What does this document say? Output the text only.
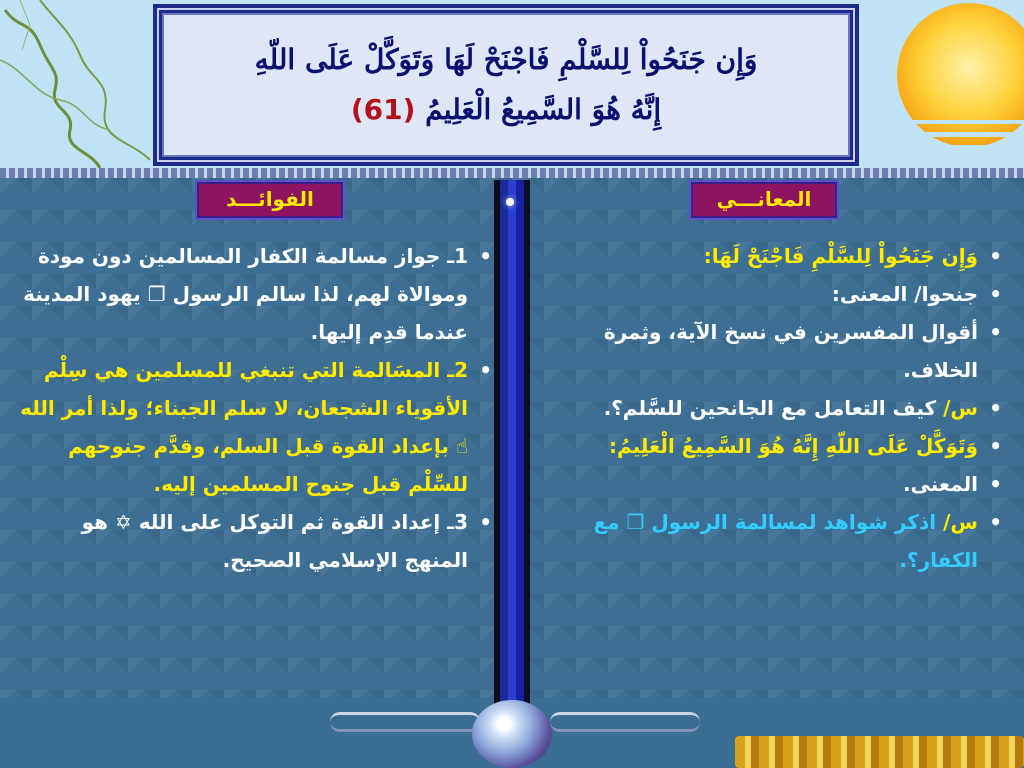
وَإِن جَنَحُواْ لِلسَّلْمِ فَاجْنَحْ لَهَا وَتَوَكَّلْ عَلَى اللّهِ
إِنَّهُ هُوَ السَّمِيعُ الْعَلِيمُ (61)
المعانـــي
الفوائـــد
• وَإِن جَنَحُواْ لِلسَّلْمِ فَاجْنَحْ لَهَا:
• جنحوا/ المعنى:
• أقوال المفسرين في نسخ الآية، وثمرة الخلاف.
• س/ كيف التعامل مع الجانحين للسَّلم؟.
• وَتَوَكَّلْ عَلَى اللّهِ إِنَّهُ هُوَ السَّمِيعُ الْعَلِيمُ:
• المعنى.
• س/ اذكر شواهد لمسالمة الرسول ❐ مع الكفار؟.
• 1ـ جواز مسالمة الكفار المسالمين دون مودة وموالاة لهم، لذا سالم الرسول ❐ يهود المدينة عندما قدِم إليها.
• 2ـ المسَالمة التي تنبغي للمسلمين هي سِلْم الأقوياء الشجعان، لا سلم الجبناء؛ ولذا أمر الله ☝ بإعداد القوة قبل السلم، وقدَّم جنوحهم للسِّلْم قبل جنوح المسلمين إليه.
• 3ـ إعداد القوة ثم التوكل على الله ✡ هو المنهج الإسلامي الصحيح.
